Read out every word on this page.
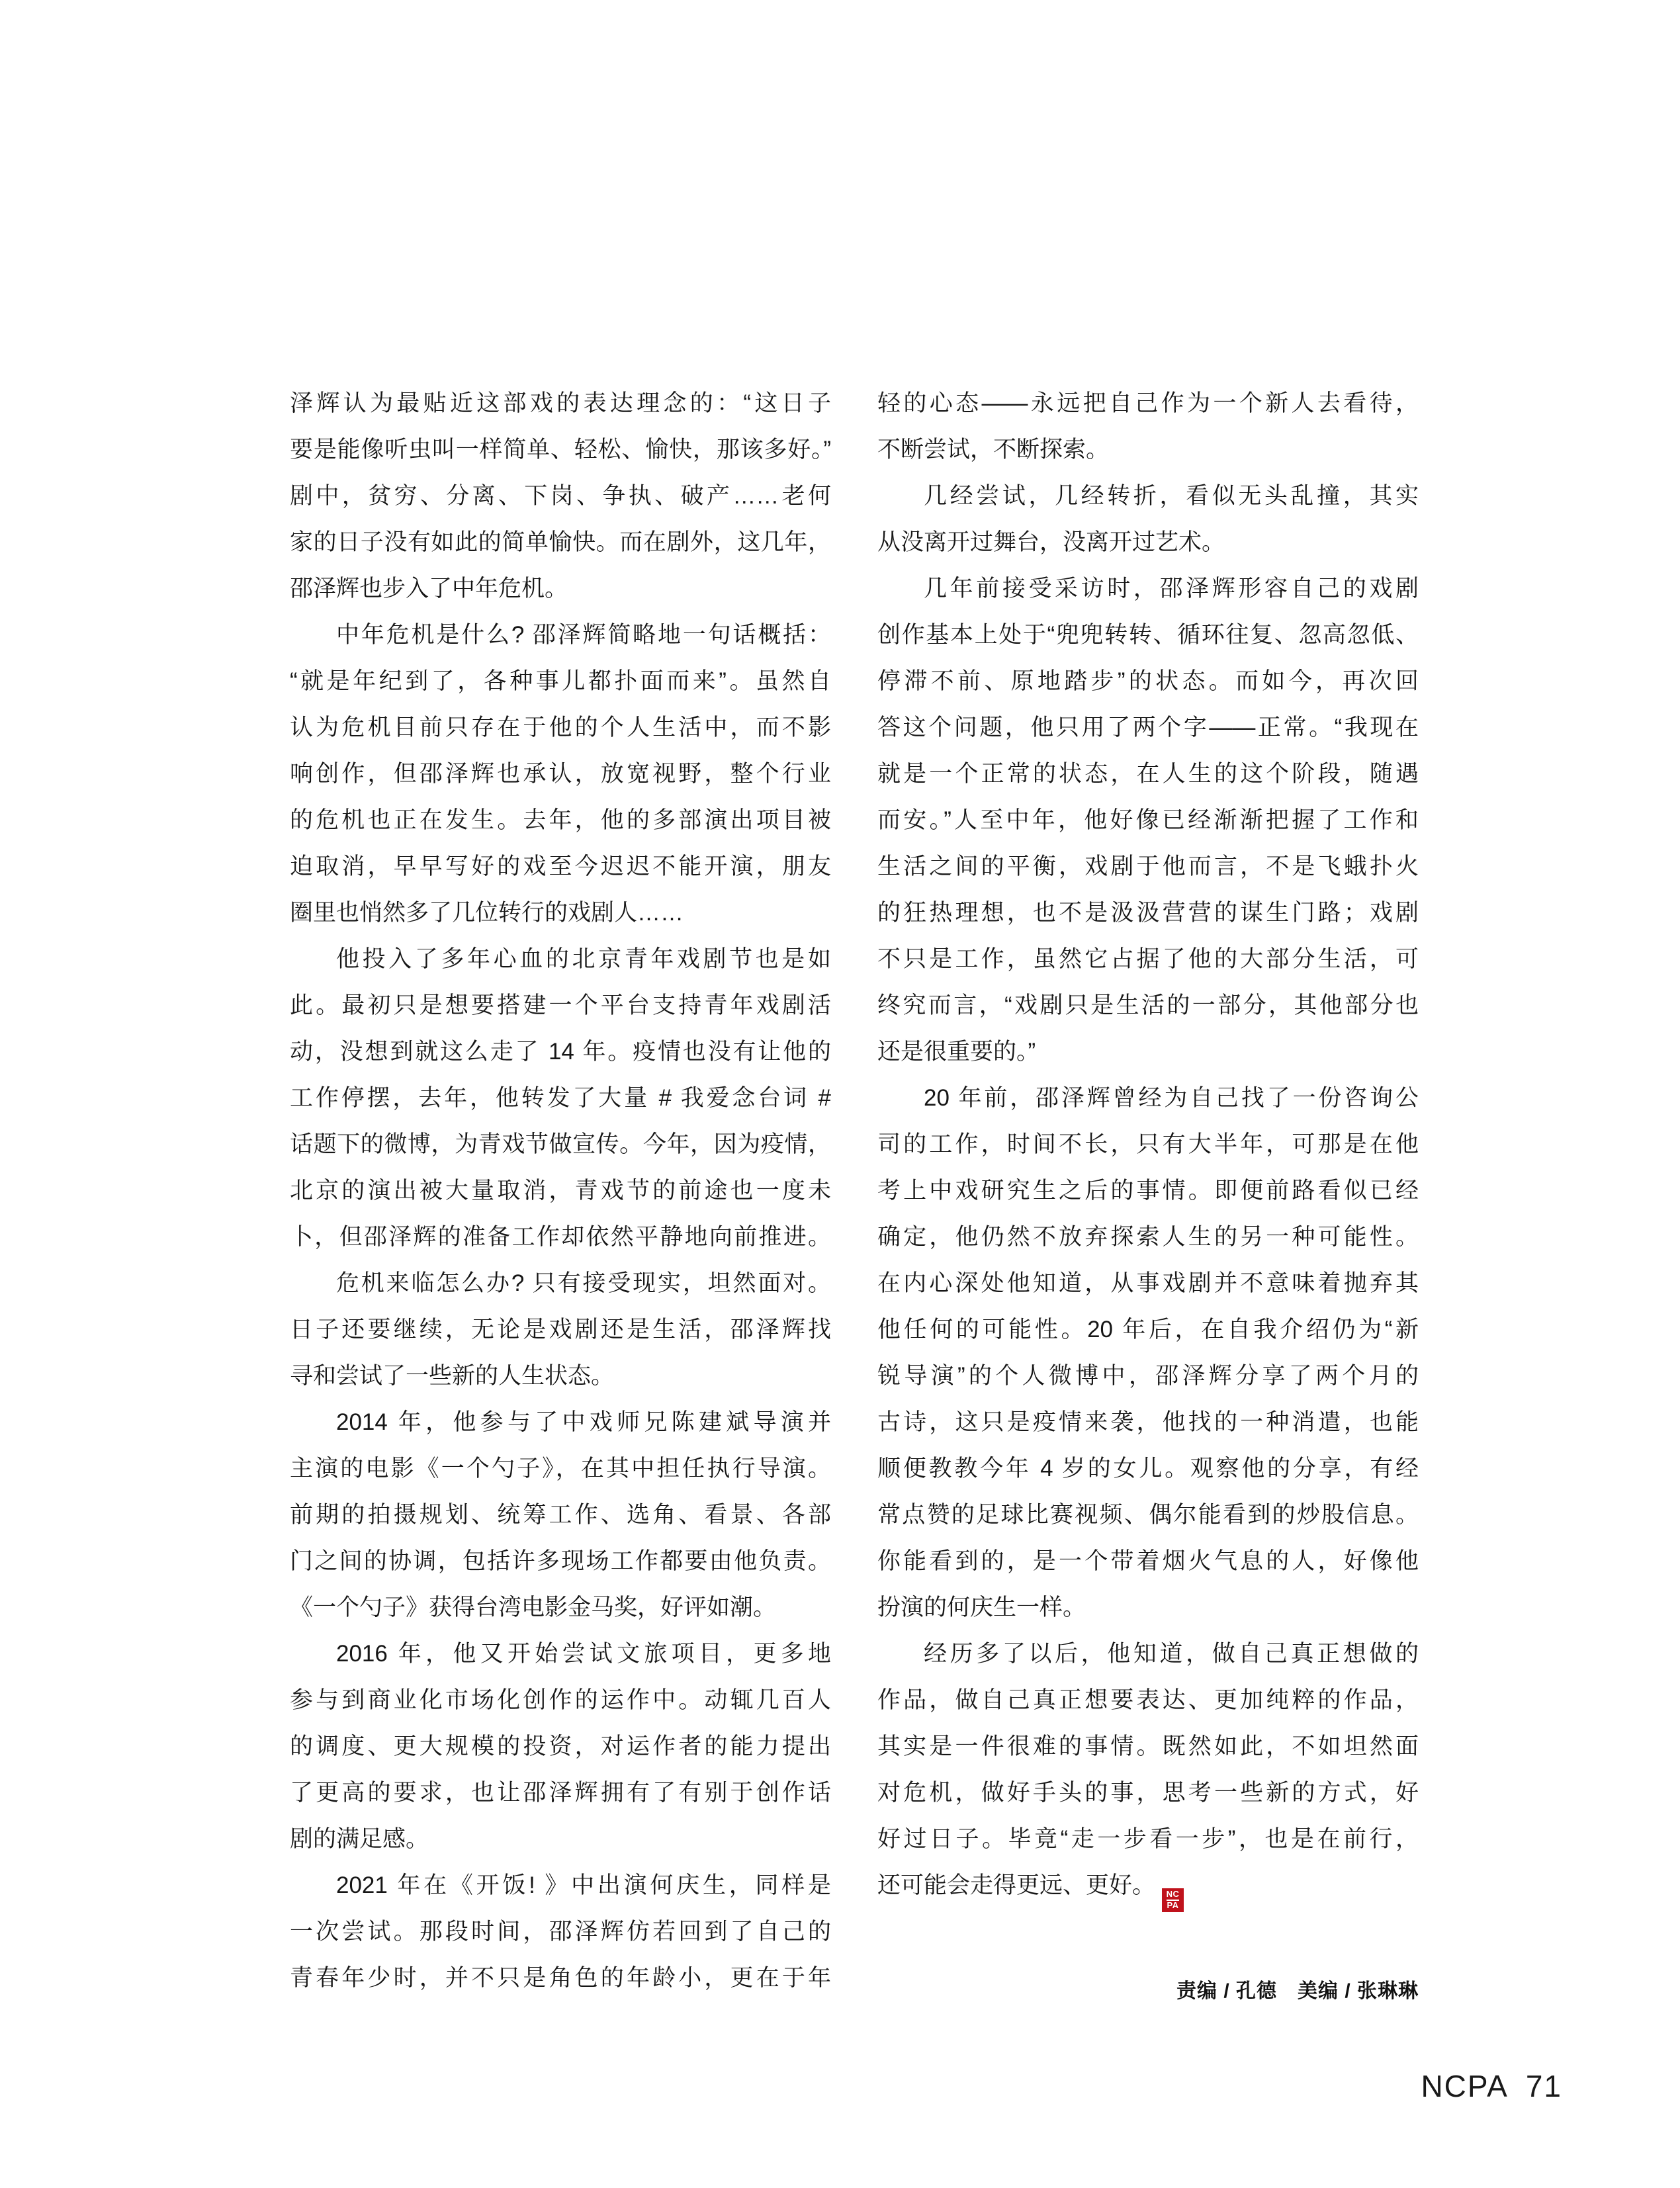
泽辉认为最贴近这部戏的表达理念的：“这日子
要是能像听虫叫一样简单、轻松、愉快，那该多好。”
剧中，贫穷、分离、下岗、争执、破产……老何
家的日子没有如此的简单愉快。而在剧外，这几年，
邵泽辉也步入了中年危机。
中年危机是什么? 邵泽辉简略地一句话概括：
“就是年纪到了，各种事儿都扑面而来”。虽然自
认为危机目前只存在于他的个人生活中，而不影
响创作，但邵泽辉也承认，放宽视野，整个行业
的危机也正在发生。去年，他的多部演出项目被
迫取消，早早写好的戏至今迟迟不能开演，朋友
圈里也悄然多了几位转行的戏剧人……
他投入了多年心血的北京青年戏剧节也是如
此。最初只是想要搭建一个平台支持青年戏剧活
动，没想到就这么走了 14 年。疫情也没有让他的
工作停摆，去年，他转发了大量 # 我爱念台词 #
话题下的微博，为青戏节做宣传。今年，因为疫情，
北京的演出被大量取消，青戏节的前途也一度未
卜，但邵泽辉的准备工作却依然平静地向前推进。
危机来临怎么办? 只有接受现实，坦然面对。
日子还要继续，无论是戏剧还是生活，邵泽辉找
寻和尝试了一些新的人生状态。
2014 年，他参与了中戏师兄陈建斌导演并
主演的电影《一个勺子》，在其中担任执行导演。
前期的拍摄规划、统筹工作、选角、看景、各部
门之间的协调，包括许多现场工作都要由他负责。
《一个勺子》获得台湾电影金马奖，好评如潮。
2016 年，他又开始尝试文旅项目，更多地
参与到商业化市场化创作的运作中。动辄几百人
的调度、更大规模的投资，对运作者的能力提出
了更高的要求，也让邵泽辉拥有了有别于创作话
剧的满足感。
2021 年在《开饭! 》中出演何庆生，同样是
一次尝试。那段时间，邵泽辉仿若回到了自己的
青春年少时，并不只是角色的年龄小，更在于年
轻的心态——永远把自己作为一个新人去看待，
不断尝试，不断探索。
几经尝试，几经转折，看似无头乱撞，其实
从没离开过舞台，没离开过艺术。
几年前接受采访时，邵泽辉形容自己的戏剧
创作基本上处于“兜兜转转、循环往复、忽高忽低、
停滞不前、原地踏步”的状态。而如今，再次回
答这个问题，他只用了两个字——正常。“我现在
就是一个正常的状态，在人生的这个阶段，随遇
而安。”人至中年，他好像已经渐渐把握了工作和
生活之间的平衡，戏剧于他而言，不是飞蛾扑火
的狂热理想，也不是汲汲营营的谋生门路；戏剧
不只是工作，虽然它占据了他的大部分生活，可
终究而言，“戏剧只是生活的一部分，其他部分也
还是很重要的。”
20 年前，邵泽辉曾经为自己找了一份咨询公
司的工作，时间不长，只有大半年，可那是在他
考上中戏研究生之后的事情。即便前路看似已经
确定，他仍然不放弃探索人生的另一种可能性。
在内心深处他知道，从事戏剧并不意味着抛弃其
他任何的可能性。20 年后，在自我介绍仍为“新
锐导演”的个人微博中，邵泽辉分享了两个月的
古诗，这只是疫情来袭，他找的一种消遣，也能
顺便教教今年 4 岁的女儿。观察他的分享，有经
常点赞的足球比赛视频、偶尔能看到的炒股信息。
你能看到的，是一个带着烟火气息的人，好像他
扮演的何庆生一样。
经历多了以后，他知道，做自己真正想做的
作品，做自己真正想要表达、更加纯粹的作品，
其实是一件很难的事情。既然如此，不如坦然面
对危机，做好手头的事，思考一些新的方式，好
好过日子。毕竟“走一步看一步”，也是在前行，
还可能会走得更远、更好。
$\frac{NC}{PA}$
责编 / 孔德　美编 / 张琳琳
NCPA 71
